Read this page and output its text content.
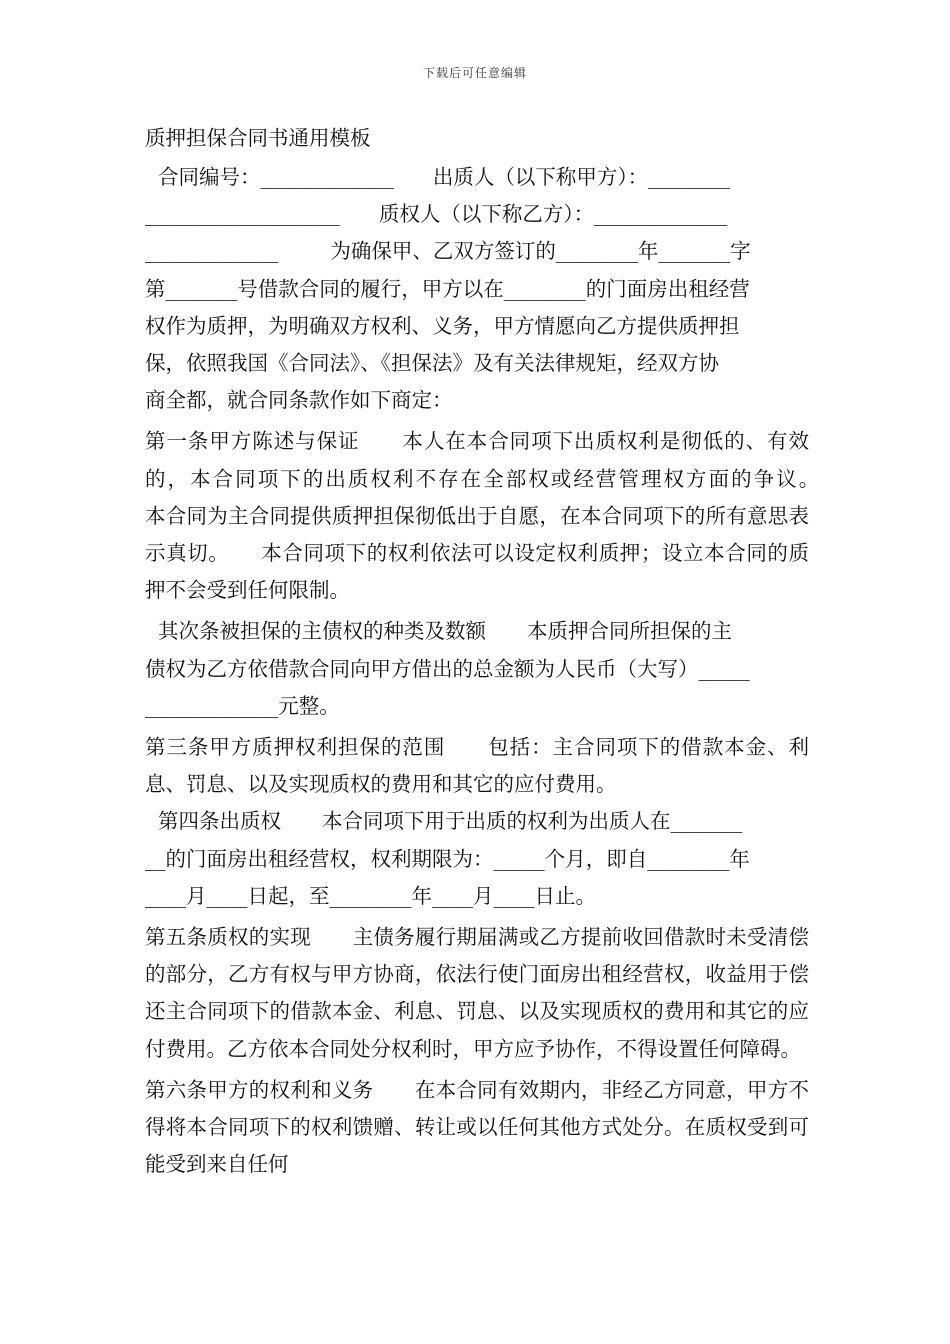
下载后可任意编辑
质押担保合同书通用模板
合同编号：_____________      出质人（以下称甲方）：________
___________________      质权人（以下称乙方）：_____________
_____________        为确保甲、乙双方签订的________年_______字
第_______号借款合同的履行，甲方以在________的门面房出租经营
权作为质押，为明确双方权利、义务，甲方情愿向乙方提供质押担
保，依照我国《合同法》、《担保法》及有关法律规矩，经双方协
商全都，就合同条款作如下商定：

第一条甲方陈述与保证　　本人在本合同项下出质权利是彻低的、有效的，本合同项下的出质权利不存在全部权或经营管理权方面的争议。　　本合同为主合同提供质押担保彻低出于自愿，在本合同项下的所有意思表示真切。　　本合同项下的权利依法可以设定权利质押；设立本合同的质押不会受到任何限制。

其次条被担保的主债权的种类及数额　　本质押合同所担保的主
债权为乙方依借款合同向甲方借出的总金额为人民币（大写）_____
_____________元整。

第三条甲方质押权利担保的范围　　包括：主合同项下的借款本金、利息、罚息、以及实现质权的费用和其它的应付费用。

第四条出质权　　本合同项下用于出质的权利为出质人在_______
__的门面房出租经营权，权利期限为：_____个月，即自________年
____月____日起，至________年____月____日止。

第五条质权的实现　　主债务履行期届满或乙方提前收回借款时未受清偿的部分，乙方有权与甲方协商，依法行使门面房出租经营权，收益用于偿还主合同项下的借款本金、利息、罚息、以及实现质权的费用和其它的应付费用。乙方依本合同处分权利时，甲方应予协作，不得设置任何障碍。

第六条甲方的权利和义务　　在本合同有效期内，非经乙方同意，甲方不得将本合同项下的权利馈赠、转让或以任何其他方式处分。在质权受到可能受到来自任何
